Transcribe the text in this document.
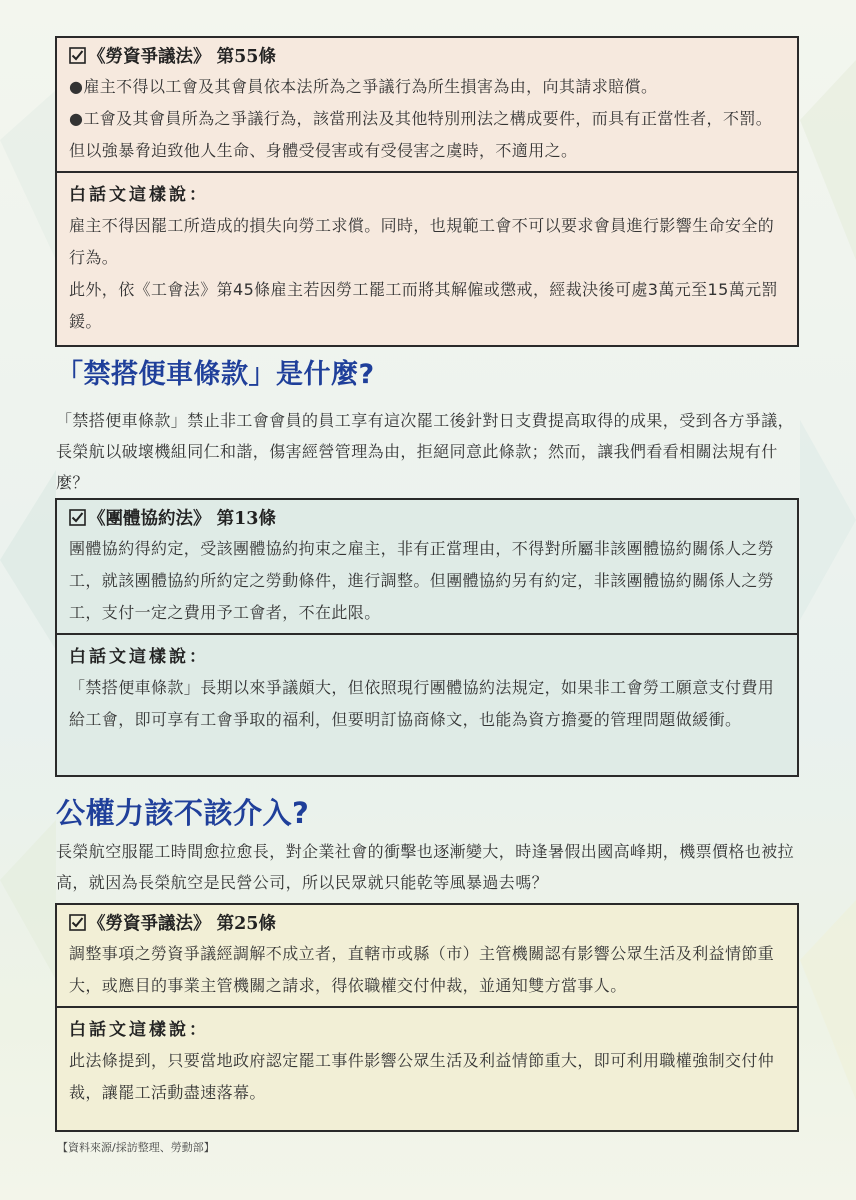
《勞資爭議法》 第55條

●雇主不得以工會及其會員依本法所為之爭議行為所生損害為由，向其請求賠償。

●工會及其會員所為之爭議行為，該當刑法及其他特別刑法之構成要件，而具有正當性者，不罰。但以強暴脅迫致他人生命、身體受侵害或有受侵害之虞時，不適用之。

白話文這樣說：

雇主不得因罷工所造成的損失向勞工求償。同時，也規範工會不可以要求會員進行影響生命安全的行為。

此外，依《工會法》第45條雇主若因勞工罷工而將其解僱或懲戒，經裁決後可處3萬元至15萬元罰鍰。

「禁搭便車條款」是什麼?

「禁搭便車條款」禁止非工會會員的員工享有這次罷工後針對日支費提高取得的成果，受到各方爭議，長榮航以破壞機組同仁和諧，傷害經營管理為由，拒絕同意此條款；然而，讓我們看看相關法規有什麼？

《團體協約法》 第13條

團體協約得約定，受該團體協約拘束之雇主，非有正當理由，不得對所屬非該團體協約關係人之勞工，就該團體協約所約定之勞動條件，進行調整。但團體協約另有約定，非該團體協約關係人之勞工，支付一定之費用予工會者，不在此限。

白話文這樣說：

「禁搭便車條款」長期以來爭議頗大，但依照現行團體協約法規定，如果非工會勞工願意支付費用給工會，即可享有工會爭取的福利，但要明訂協商條文，也能為資方擔憂的管理問題做緩衝。

公權力該不該介入?

長榮航空服罷工時間愈拉愈長，對企業社會的衝擊也逐漸變大，時逢暑假出國高峰期，機票價格也被拉高，就因為長榮航空是民營公司，所以民眾就只能乾等風暴過去嗎？

《勞資爭議法》 第25條

調整事項之勞資爭議經調解不成立者，直轄市或縣（市）主管機關認有影響公眾生活及利益情節重大，或應目的事業主管機關之請求，得依職權交付仲裁，並通知雙方當事人。

白話文這樣說：

此法條提到，只要當地政府認定罷工事件影響公眾生活及利益情節重大，即可利用職權強制交付仲裁，讓罷工活動盡速落幕。

【資料來源/採訪整理、勞動部】
